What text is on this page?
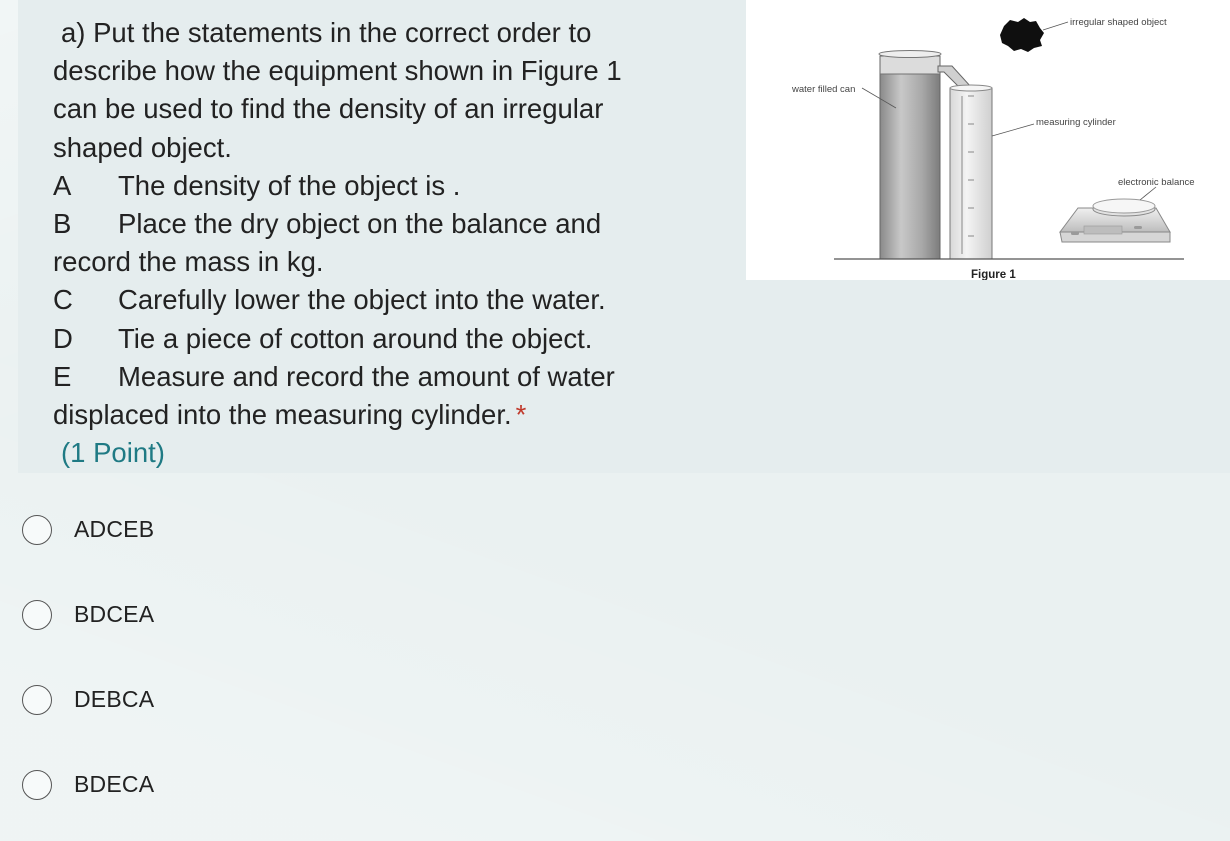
a) Put the statements in the correct order to
describe how the equipment shown in Figure 1
can be used to find the density of an irregular
shaped object.
A The density of the object is .
B Place the dry object on the balance and
record the mass in kg.
C Carefully lower the object into the water.
D Tie a piece of cotton around the object.
E Measure and record the amount of water
displaced into the measuring cylinder. *
(1 Point)
irregular shaped object
water filled can
measuring cylinder
electronic balance
Figure 1
ADCEB
BDCEA
DEBCA
BDECA
